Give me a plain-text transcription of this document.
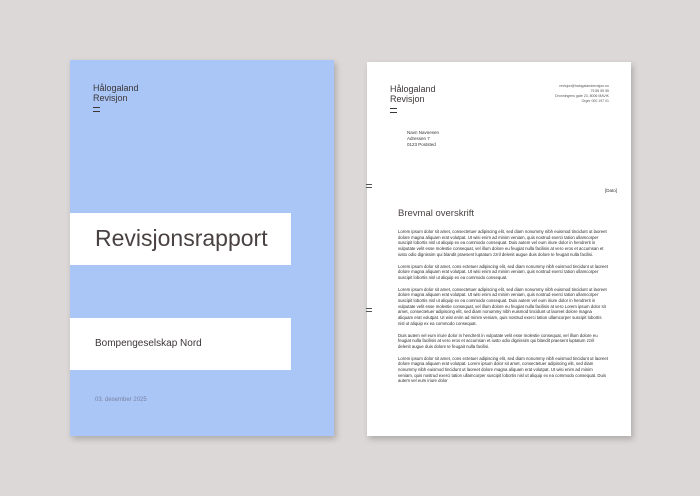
Hålogaland
Revisjon
Revisjonsrapport
Bompengeselskap Nord
03. desember 2025
Hålogaland
Revisjon
revisjon@halogalandrevisjon.no
75 85 55 55
Dronningens gate 23, 8006 MAVIK
Orgnr 000 197 01
Navn Navnesen
Adressen 7
0123 Poststed
[Dato]
Brevmal overskrift

Lorem ipsum dolor sit amet, consectetuer adipiscing elit, sed diam nonummy nibh euismod tincidunt ut laoreet dolore magna aliquam erat volutpat. Ut wisi enim ad minim veniam, quis nostrud exerci tation ullamcorper suscipit lobortis nisl ut aliquip ex ea commodo consequat. Duis autem vel eum iriure dolor in hendrerit in vulputate velit esse molestie consequat, vel illum dolore eu feugiat nulla facilisis at vero eros et accumsan et iusto odio dignissim qui blandit praesent luptatum zzril delenit augue duis dolore te feugait nulla facilisi.

Lorem ipsum dolor sit amet, cons ectetuer adipiscing elit, sed diam nonummy nibh euismod tincidunt ut laoreet dolore magna aliquam erat volutpat. Ut wisi enim ad minim veniam, quis nostrud exerci tation ullamcorper suscipit lobortis nisl ut aliquip ex ea commodo consequat.

Lorem ipsum dolor sit amet, consectetuer adipiscing elit, sed diam nonummy nibh euismod tincidunt ut laoreet dolore magna aliquam erat volutpat. Ut wisi enim ad minim veniam, quis nostrud exerci tation ullamcorper suscipit lobortis nisl ut aliquip ex ea commodo consequat. Duis autem vel eum iriure dolor in hendrerit in vulputate velit esse molestie consequat, vel illum dolore eu feugiat nulla facilisis at vero Lorem ipsum dolor sit amet, consectetuer adipiscing elit, sed diam nonummy nibh euismod tincidunt ut laoreet dolore magna aliquam erat volutpat. Ut wisi enim ad minim veniam, quis nostrud exerci tation ullamcorper suscipit lobortis nisl ut aliquip ex ea commodo consequat.

Duis autem vel eum iriure dolor in hendrerit in vulputate velit esse molestie consequat, vel illum dolore eu feugiat nulla facilisis at vero eros et accumsan et iusto odio dignissim qui blandit praesent luptatum zzril delenit augue duis dolore te feugait nulla facilisi.

Lorem ipsum dolor sit amet, cons ectetuer adipiscing elit, sed diam nonummy nibh euismod tincidunt ut laoreet dolore magna aliquam erat volutpat. Lorem ipsum dolor sit amet, consectetuer adipiscing elit, sed diam nonummy nibh euismod tincidunt ut laoreet dolore magna aliquam erat volutpat. Ut wisi enim ad minim veniam, quis nostrud exerci tation ullamcorper suscipit lobortis nisl ut aliquip ex ea commodo consequat. Duis autem vel eum iriure dolor
